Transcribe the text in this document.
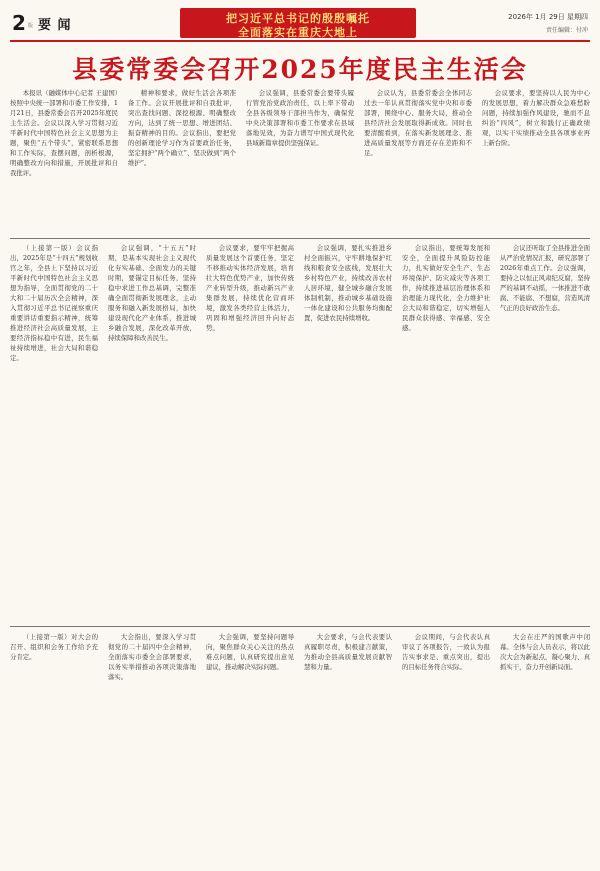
2 版 要 闻	把习近平总书记的殷殷嘱托
全面落实在重庆大地上
2026年 1月 29日 星期四
责任编辑：付冲
县委常委会召开2025年度民主生活会

本报讯（融媒体中心记者 王建国）按照中央统一部署和市委工作安排，1月21日，县委常委会召开2025年度民主生活会。会议以深入学习贯彻习近平新时代中国特色社会主义思想为主题，聚焦“五个带头”，紧密联系思想和工作实际，查摆问题，剖析根源，明确整改方向和措施，开展批评和自我批评。

精神和要求，做好生活会各项准备工作。会议开展批评和自我批评，突出查找问题、深挖根源、明确整改方向，达到了统一思想、增进团结、振奋精神的目的。会议指出，要把党的创新理论学习作为首要政治任务，坚定拥护“两个确立”、坚决做到“两个维护”。

会议强调，县委常委会要带头履行管党治党政治责任，以上率下带动全县各级领导干部担当作为，确保党中央决策部署和市委工作要求在县域落地见效，为奋力谱写中国式现代化县域新篇章提供坚强保证。

会议认为，县委常委会全体同志过去一年认真贯彻落实党中央和市委部署，围绕中心、服务大局，推动全县经济社会发展取得新成效。同时也要清醒看到，在落实新发展理念、推进高质量发展等方面还存在差距和不足。

会议要求，要坚持以人民为中心的发展思想，着力解决群众急难愁盼问题，持续加强作风建设，驰而不息纠治“四风”，树立和践行正确政绩观，以实干实绩推动全县各项事业再上新台阶。

（上接第一版）会议指出，2025年是“十四五”规划收官之年，全县上下坚持以习近平新时代中国特色社会主义思想为指导，全面贯彻党的二十大和二十届历次全会精神，深入贯彻习近平总书记视察重庆重要讲话重要指示精神，统筹推进经济社会高质量发展，主要经济指标稳中有进，民生福祉持续增进，社会大局和谐稳定。

会议强调，“十五五”时期，是基本实现社会主义现代化夯实基础、全面发力的关键时期，要锚定目标任务，坚持稳中求进工作总基调，完整准确全面贯彻新发展理念，主动服务和融入新发展格局，加快建设现代化产业体系，推进城乡融合发展，深化改革开放，持续保障和改善民生。

会议要求，要牢牢把握高质量发展这个首要任务，坚定不移推动实体经济发展，培育壮大特色优势产业，加快传统产业转型升级，推动新兴产业集群发展，持续优化营商环境，激发各类经营主体活力，巩固和增强经济回升向好态势。

会议强调，要扎实推进乡村全面振兴，守牢耕地保护红线和粮食安全底线，发展壮大乡村特色产业，持续改善农村人居环境，健全城乡融合发展体制机制，推动城乡基础设施一体化建设和公共服务均衡配置，促进农民持续增收。

会议指出，要统筹发展和安全，全面提升风险防控能力，扎实做好安全生产、生态环境保护、防灾减灾等各项工作，持续推进基层治理体系和治理能力现代化，全力维护社会大局和谐稳定，切实增强人民群众获得感、幸福感、安全感。

会议还听取了全县推进全面从严治党情况汇报，研究部署了2026年重点工作。会议强调，要持之以恒正风肃纪反腐，坚持严的基调不动摇，一体推进不敢腐、不能腐、不想腐，营造风清气正的良好政治生态。

（上接第一版）对大会的召开、组织和会务工作给予充分肯定。

大会指出，要深入学习贯彻党的二十届四中全会精神，全面落实市委全会部署要求，以务实举措推动各项决策落地落实。

大会强调，要坚持问题导向，聚焦群众关心关注的热点难点问题，认真研究提出意见建议，推动解决实际问题。

大会要求，与会代表要认真履职尽责，积极建言献策，为推动全县高质量发展贡献智慧和力量。

会议期间，与会代表认真审议了各项报告，一致认为报告实事求是、重点突出，提出的目标任务符合实际。

大会在庄严的国歌声中闭幕。全体与会人员表示，将以此次大会为新起点，凝心聚力、真抓实干，奋力开创新局面。
